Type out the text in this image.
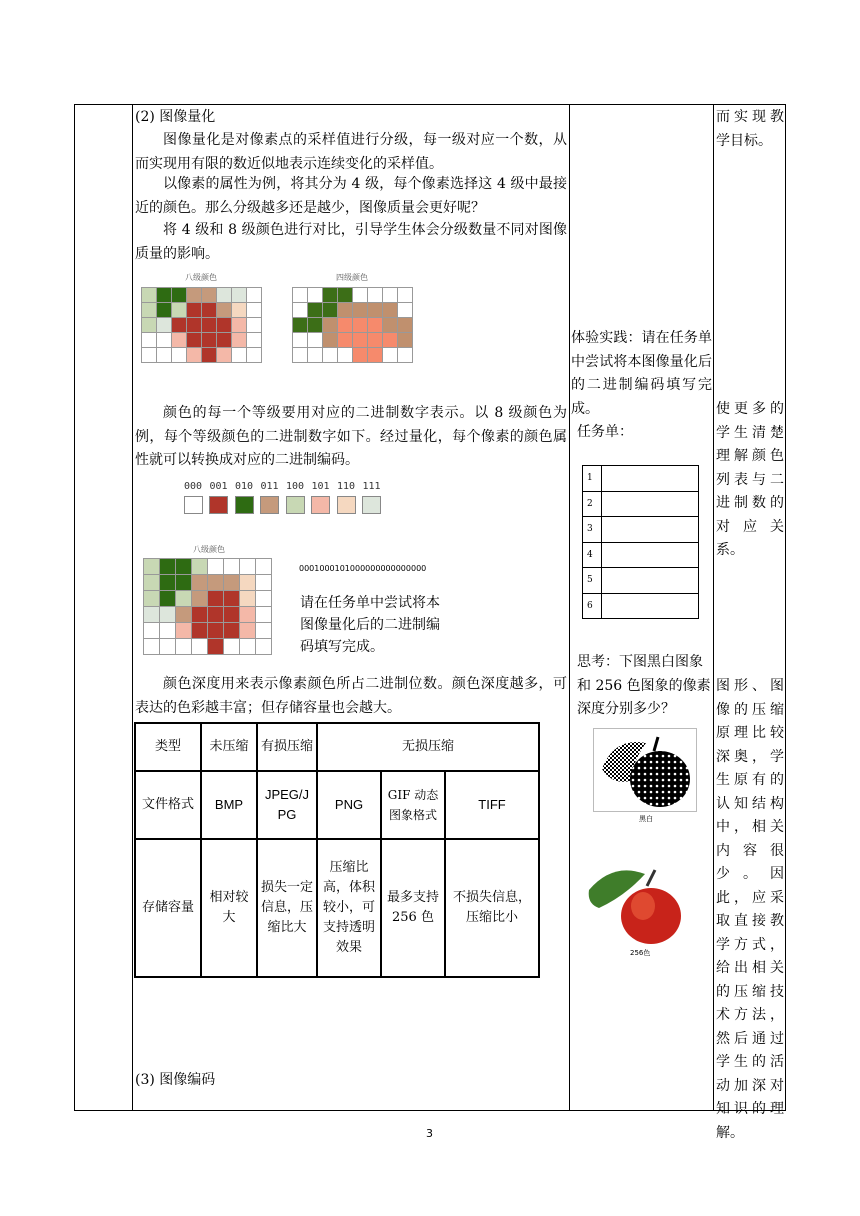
(2) 图像量化
图像量化是对像素点的采样值进行分级，每一级对应一个数，从而实现用有限的数近似地表示连续变化的采样值。
以像素的属性为例，将其分为 4 级，每个像素选择这 4 级中最接近的颜色。那么分级越多还是越少，图像质量会更好呢？
将 4 级和 8 级颜色进行对比，引导学生体会分级数量不同对图像质量的影响。
八级颜色	四级颜色
颜色的每一个等级要用对应的二进制数字表示。以 8 级颜色为例，每个等级颜色的二进制数字如下。经过量化，每个像素的颜色属性就可以转换成对应的二进制编码。
000 001 010 011 100 101 110 111
八级颜色
0001000101000000000000000
请在任务单中尝试将本图像量化后的二进制编码填写完成。
颜色深度用来表示像素颜色所占二进制位数。颜色深度越多，可表达的色彩越丰富；但存储容量也会越大。
类型	未压缩	有损压缩	无损压缩		
文件格式	BMP	JPEG/JPG	PNG	GIF 动态图象格式	TIFF
存储容量	相对较大	损失一定信息，压缩比大	压缩比高，体积较小，可支持透明效果	最多支持 256 色	不损失信息，压缩比小
(3) 图像编码
体验实践：请在任务单中尝试将本图像量化后的二进制编码填写完成。
任务单：
1	
2	
3	
4	
5	
6	
思考：下图黑白图象和 256 色图象的像素深度分别多少？
黑白
256色
而实现教学目标。
使更多的学生清楚理解颜色列表与二进制数的对应关系。
图形、图像的压缩原理比较深奥，学生原有的认知结构中，相关内容很少。因此，应采取直接教学方式，给出相关的压缩技术方法，然后通过学生的活动加深对知识的理解。
3
